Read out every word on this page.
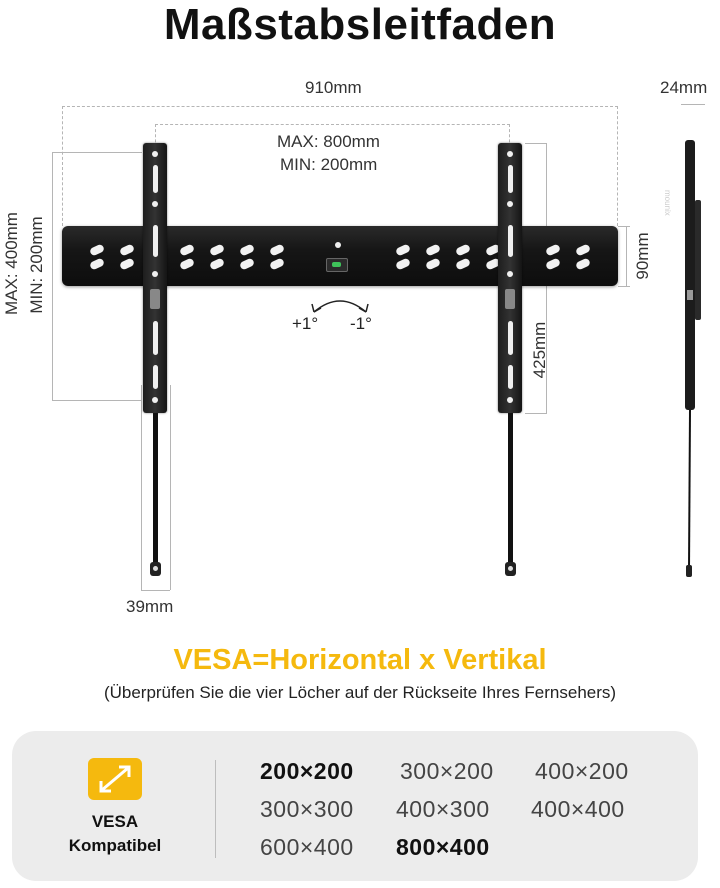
Maßstabsleitfaden
910mm
MAX: 800mm
MIN: 200mm
MAX: 400mm MIN: 200mm	90mm
425mm
39mm
24mm
+1° -1°
mounix
VESA=Horizontal x Vertikal
(Überprüfen Sie die vier Löcher auf der Rückseite Ihres Fernsehers)
VESA
Kompatibel
200×200 300×200 400×200
300×300 400×300 400×400
600×400 800×400
